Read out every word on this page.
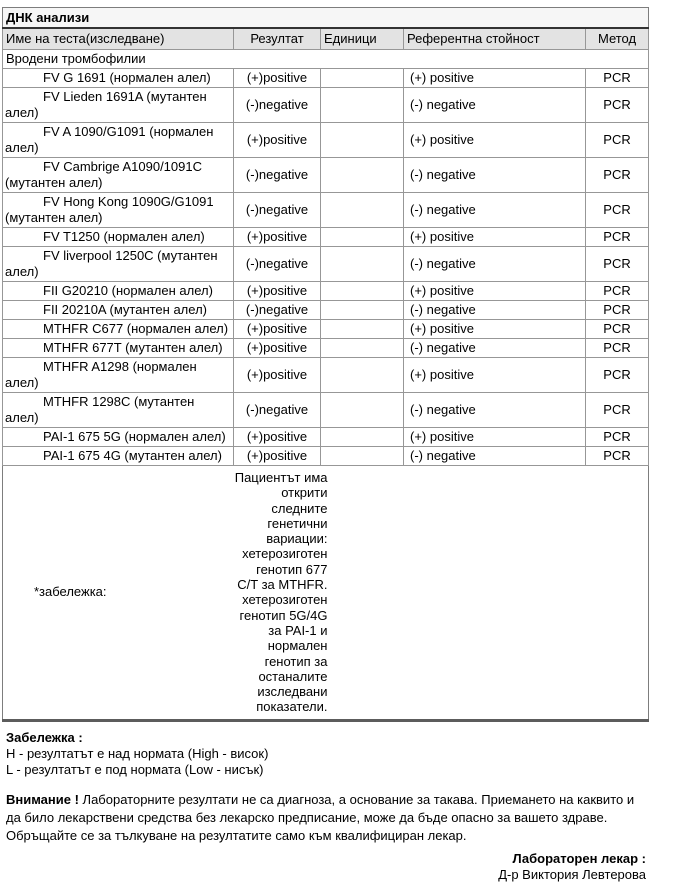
ДНК анализи				
Име на теста(изследване)	Резултат	Единици	Референтна стойност	Метод
Вродени тромбофилии				
FV G 1691 (нормален алел)	(+)positive		(+) positive	PCR
FV Lieden 1691A (мутантен алел)	(-)negative		(-) negative	PCR
FV A 1090/G1091 (нормален алел)	(+)positive		(+) positive	PCR
FV Cambrige A1090/1091C (мутантен алел)	(-)negative		(-) negative	PCR
FV Hong Kong 1090G/G1091 (мутантен алел)	(-)negative		(-) negative	PCR
FV T1250 (нормален алел)	(+)positive		(+) positive	PCR
FV liverpool 1250C (мутантен алел)	(-)negative		(-) negative	PCR
FII G20210 (нормален алел)	(+)positive		(+) positive	PCR
FII 20210A (мутантен алел)	(-)negative		(-) negative	PCR
MTHFR C677 (нормален алел)	(+)positive		(+) positive	PCR
MTHFR 677T (мутантен алел)	(+)positive		(-) negative	PCR
MTHFR A1298 (нормален алел)	(+)positive		(+) positive	PCR
MTHFR 1298C (мутантен алел)	(-)negative		(-) negative	PCR
PAI-1 675 5G (нормален алел)	(+)positive		(+) positive	PCR
PAI-1 675 4G (мутантен алел)	(+)positive		(-) negative	PCR
*забележка:	Пациентът има открити следните генетични вариации: хетерозиготен генотип 677 C/T за MTHFR. хетерозиготен генотип 5G/4G за PAI-1 и нормален генотип за останалите изследвани показатели.			

Забележка :
H - резултатът е над нормата (High - висок)
L - резултатът е под нормата (Low - нисък)

Внимание ! Лабораторните резултати не са диагноза, а основание за такава. Приемането на каквито и да било лекарствени средства без лекарско предписание, може да бъде опасно за вашето здраве. Обръщайте се за тълкуване на резултатите само към квалифициран лекар.

Лабораторен лекар :
Д-р Виктория Левтерова
